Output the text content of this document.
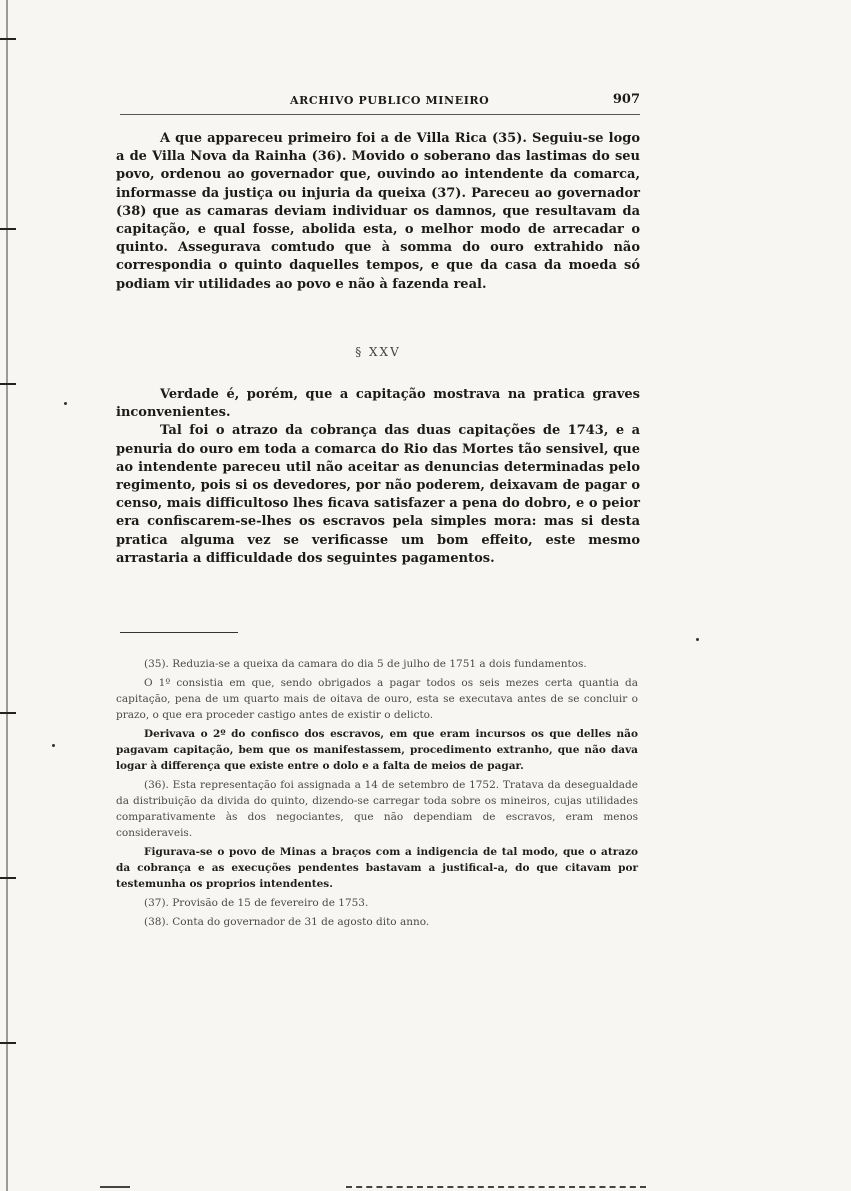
ARCHIVO PUBLICO MINEIRO	907

A que appareceu primeiro foi a de Villa Rica (35). Seguiu-se logo a de Villa Nova da Rainha (36). Movido o soberano das lastimas do seu povo, ordenou ao governador que, ouvindo ao intendente da comarca, informasse da justiça ou injuria da queixa (37). Pareceu ao governador (38) que as camaras deviam individuar os damnos, que resultavam da capitação, e qual fosse, abolida esta, o melhor modo de arrecadar o quinto. Assegurava comtudo que à somma do ouro extrahido não correspondia o quinto daquelles tempos, e que da casa da moeda só podiam vir utilidades ao povo e não à fazenda real.

§ XXV

Verdade é, porém, que a capitação mostrava na pratica graves inconvenientes.

Tal foi o atrazo da cobrança das duas capitações de 1743, e a penuria do ouro em toda a comarca do Rio das Mortes tão sensivel, que ao intendente pareceu util não aceitar as denuncias determinadas pelo regimento, pois si os devedores, por não poderem, deixavam de pagar o censo, mais difficultoso lhes ficava satisfazer a pena do dobro, e o peior era confiscarem-se-lhes os escravos pela simples mora: mas si desta pratica alguma vez se verificasse um bom effeito, este mesmo arrastaria a difficuldade dos seguintes pagamentos.

(35). Reduzia-se a queixa da camara do dia 5 de julho de 1751 a dois fundamentos.

O 1º consistia em que, sendo obrigados a pagar todos os seis mezes certa quantia da capitação, pena de um quarto mais de oitava de ouro, esta se executava antes de se concluir o prazo, o que era proceder castigo antes de existir o delicto.

Derivava o 2º do confisco dos escravos, em que eram incursos os que delles não pagavam capitação, bem que os manifestassem, procedimento extranho, que não dava logar à differença que existe entre o dolo e a falta de meios de pagar.

(36). Esta representação foi assignada a 14 de setembro de 1752. Tratava da desegualdade da distribuição da divida do quinto, dizendo-se carregar toda sobre os mineiros, cujas utilidades comparativamente às dos negociantes, que não dependiam de escravos, eram menos consideraveis.

Figurava-se o povo de Minas a braços com a indigencia de tal modo, que o atrazo da cobrança e as execuções pendentes bastavam a justifical-a, do que citavam por testemunha os proprios intendentes.

(37). Provisão de 15 de fevereiro de 1753.

(38). Conta do governador de 31 de agosto dito anno.
